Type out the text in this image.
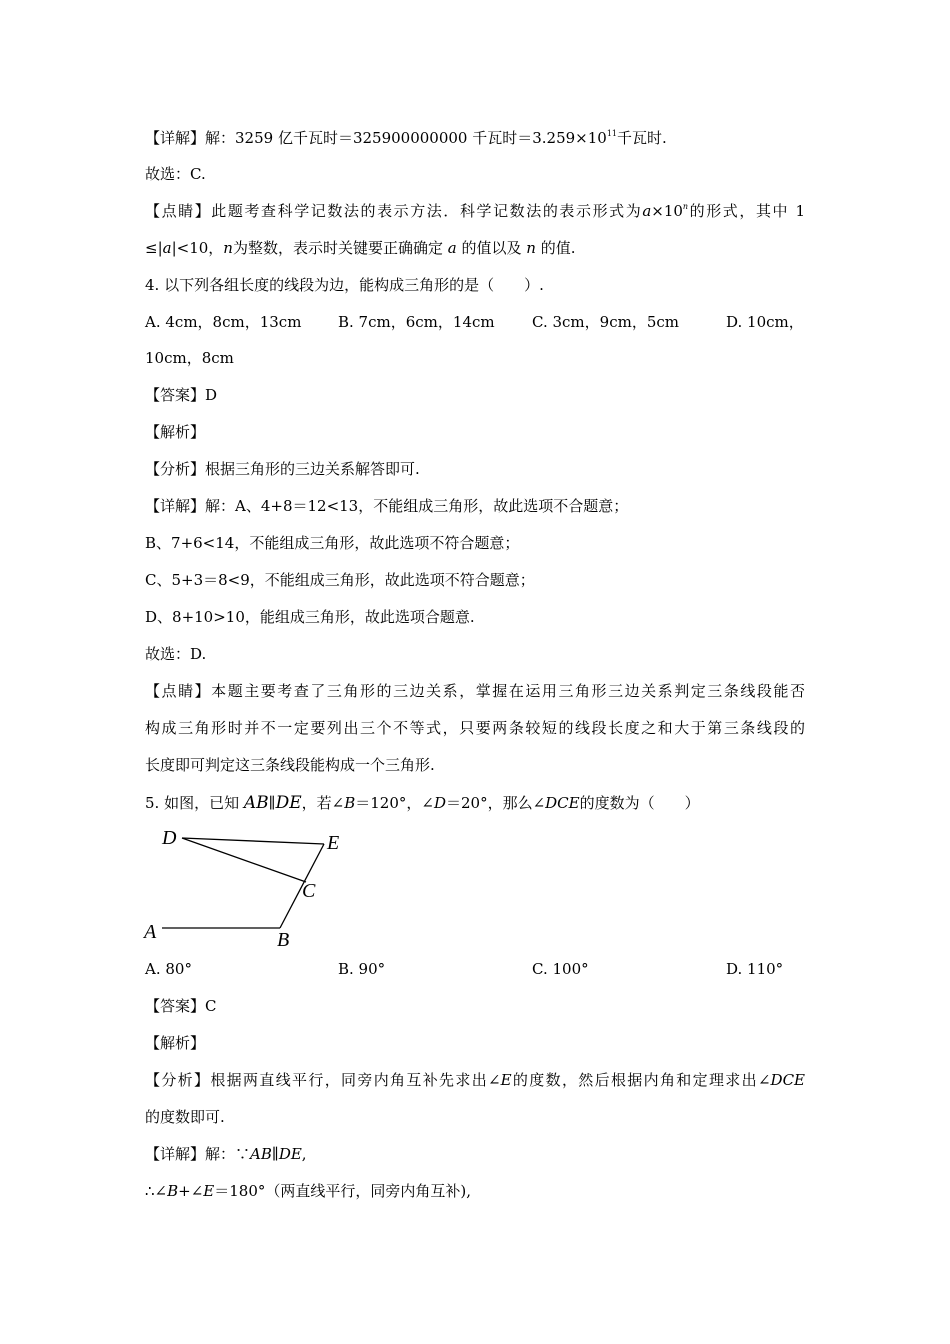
【详解】解：3259 亿千瓦时＝325900000000 千瓦时$=3.259\times 10^{11}$千瓦时.
故选：C.
【点睛】此题考查科学记数法的表示方法．科学记数法的表示形式为$a\times 10^n$的形式，其中 1
≤|a|<10，n为整数，表示时关键要正确确定 a 的值以及 n 的值.
4. 以下列各组长度的线段为边，能构成三角形的是（　　）.
A. 4cm，8cm，13cm B. 7cm，6cm，14cm C. 3cm，9cm，5cm	D. 10cm，
10cm，8cm
【答案】D
【解析】
【分析】根据三角形的三边关系解答即可.
【详解】解：A、4+8＝12<13，不能组成三角形，故此选项不合题意；
B、7+6<14，不能组成三角形，故此选项不符合题意；
C、5+3＝8<9，不能组成三角形，故此选项不符合题意；
D、8+10>10，能组成三角形，故此选项合题意.
故选：D.
【点睛】本题主要考查了三角形的三边关系，掌握在运用三角形三边关系判定三条线段能否
构成三角形时并不一定要列出三个不等式，只要两条较短的线段长度之和大于第三条线段的
长度即可判定这三条线段能构成一个三角形.
5. 如图，已知 AB∥DE，若∠B＝120°，∠D＝20°，那么∠DCE的度数为（　　）
D	E
C
A	B
A. 80°	B. 90°	C. 100°	D. 110°
【答案】C
【解析】
【分析】根据两直线平行，同旁内角互补先求出∠E的度数，然后根据内角和定理求出∠DCE
的度数即可.
【详解】解：∵AB∥DE,
∴∠B+∠E＝180°（两直线平行，同旁内角互补),
